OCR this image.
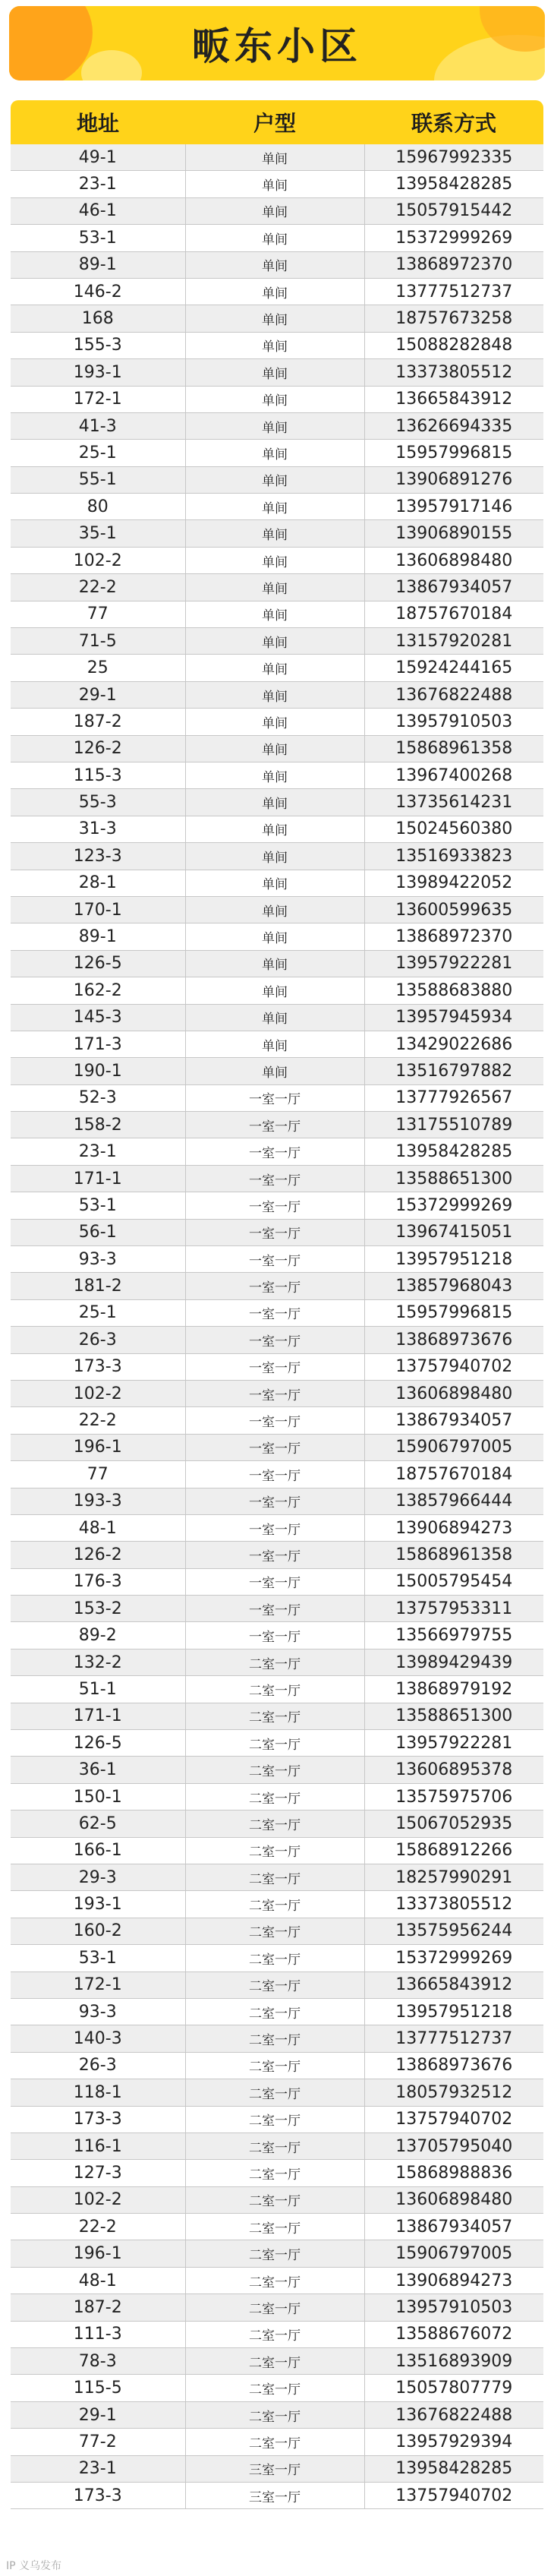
畈东小区
地址	户型	联系方式
49-1	单间	15967992335
23-1	单间	13958428285
46-1	单间	15057915442
53-1	单间	15372999269
89-1	单间	13868972370
146-2	单间	13777512737
168	单间	18757673258
155-3	单间	15088282848
193-1	单间	13373805512
172-1	单间	13665843912
41-3	单间	13626694335
25-1	单间	15957996815
55-1	单间	13906891276
80	单间	13957917146
35-1	单间	13906890155
102-2	单间	13606898480
22-2	单间	13867934057
77	单间	18757670184
71-5	单间	13157920281
25	单间	15924244165
29-1	单间	13676822488
187-2	单间	13957910503
126-2	单间	15868961358
115-3	单间	13967400268
55-3	单间	13735614231
31-3	单间	15024560380
123-3	单间	13516933823
28-1	单间	13989422052
170-1	单间	13600599635
89-1	单间	13868972370
126-5	单间	13957922281
162-2	单间	13588683880
145-3	单间	13957945934
171-3	单间	13429022686
190-1	单间	13516797882
52-3	一室一厅	13777926567
158-2	一室一厅	13175510789
23-1	一室一厅	13958428285
171-1	一室一厅	13588651300
53-1	一室一厅	15372999269
56-1	一室一厅	13967415051
93-3	一室一厅	13957951218
181-2	一室一厅	13857968043
25-1	一室一厅	15957996815
26-3	一室一厅	13868973676
173-3	一室一厅	13757940702
102-2	一室一厅	13606898480
22-2	一室一厅	13867934057
196-1	一室一厅	15906797005
77	一室一厅	18757670184
193-3	一室一厅	13857966444
48-1	一室一厅	13906894273
126-2	一室一厅	15868961358
176-3	一室一厅	15005795454
153-2	一室一厅	13757953311
89-2	一室一厅	13566979755
132-2	二室一厅	13989429439
51-1	二室一厅	13868979192
171-1	二室一厅	13588651300
126-5	二室一厅	13957922281
36-1	二室一厅	13606895378
150-1	二室一厅	13575975706
62-5	二室一厅	15067052935
166-1	二室一厅	15868912266
29-3	二室一厅	18257990291
193-1	二室一厅	13373805512
160-2	二室一厅	13575956244
53-1	二室一厅	15372999269
172-1	二室一厅	13665843912
93-3	二室一厅	13957951218
140-3	二室一厅	13777512737
26-3	二室一厅	13868973676
118-1	二室一厅	18057932512
173-3	二室一厅	13757940702
116-1	二室一厅	13705795040
127-3	二室一厅	15868988836
102-2	二室一厅	13606898480
22-2	二室一厅	13867934057
196-1	二室一厅	15906797005
48-1	二室一厅	13906894273
187-2	二室一厅	13957910503
111-3	二室一厅	13588676072
78-3	二室一厅	13516893909
115-5	二室一厅	15057807779
29-1	二室一厅	13676822488
77-2	二室一厅	13957929394
23-1	三室一厅	13958428285
173-3	三室一厅	13757940702
IP 义乌发布
